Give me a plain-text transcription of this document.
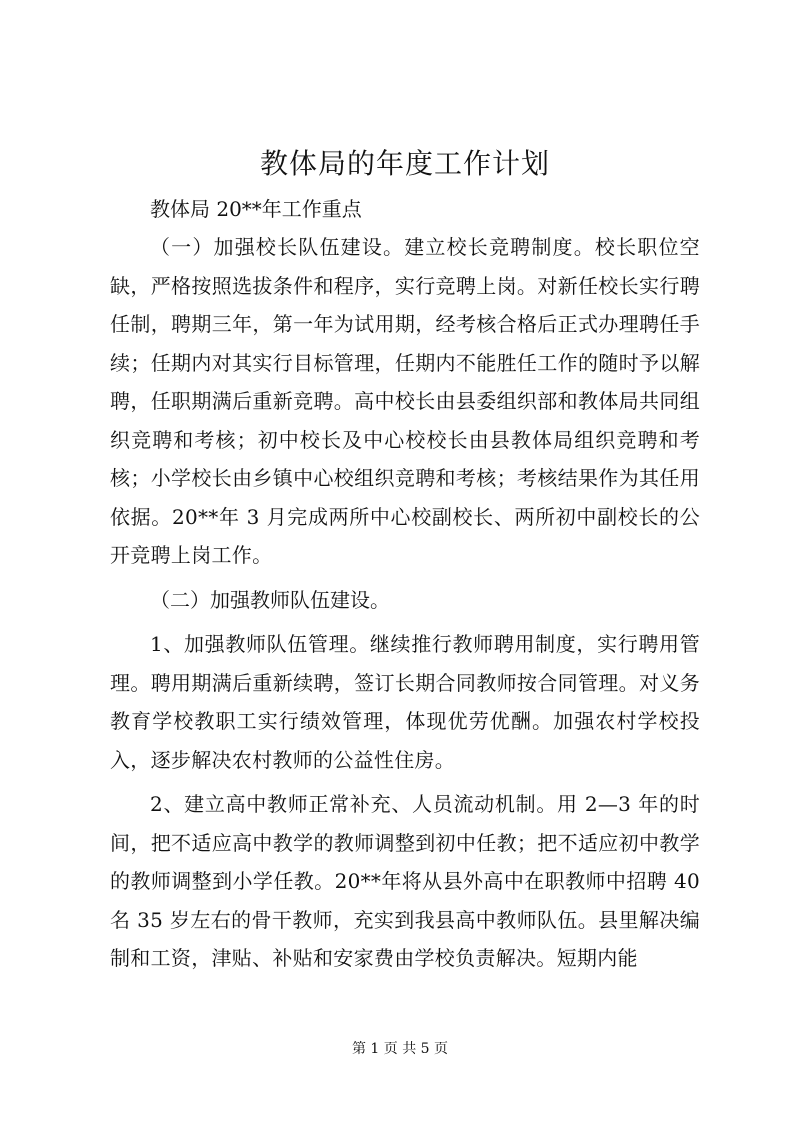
教体局的年度工作计划
教体局 20**年工作重点

（一）加强校长队伍建设。建立校长竞聘制度。校长职位空缺，严格按照选拔条件和程序，实行竞聘上岗。对新任校长实行聘任制，聘期三年，第一年为试用期，经考核合格后正式办理聘任手续；任期内对其实行目标管理，任期内不能胜任工作的随时予以解聘，任职期满后重新竞聘。高中校长由县委组织部和教体局共同组织竞聘和考核；初中校长及中心校校长由县教体局组织竞聘和考核；小学校长由乡镇中心校组织竞聘和考核；考核结果作为其任用依据。20**年 3 月完成两所中心校副校长、两所初中副校长的公开竞聘上岗工作。

（二）加强教师队伍建设。

1、加强教师队伍管理。继续推行教师聘用制度，实行聘用管理。聘用期满后重新续聘，签订长期合同教师按合同管理。对义务教育学校教职工实行绩效管理，体现优劳优酬。加强农村学校投入，逐步解决农村教师的公益性住房。

2、建立高中教师正常补充、人员流动机制。用 2—3 年的时间，把不适应高中教学的教师调整到初中任教；把不适应初中教学的教师调整到小学任教。20**年将从县外高中在职教师中招聘 40 名 35 岁左右的骨干教师，充实到我县高中教师队伍。县里解决编制和工资，津贴、补贴和安家费由学校负责解决。短期内能

第 1 页 共 5 页
